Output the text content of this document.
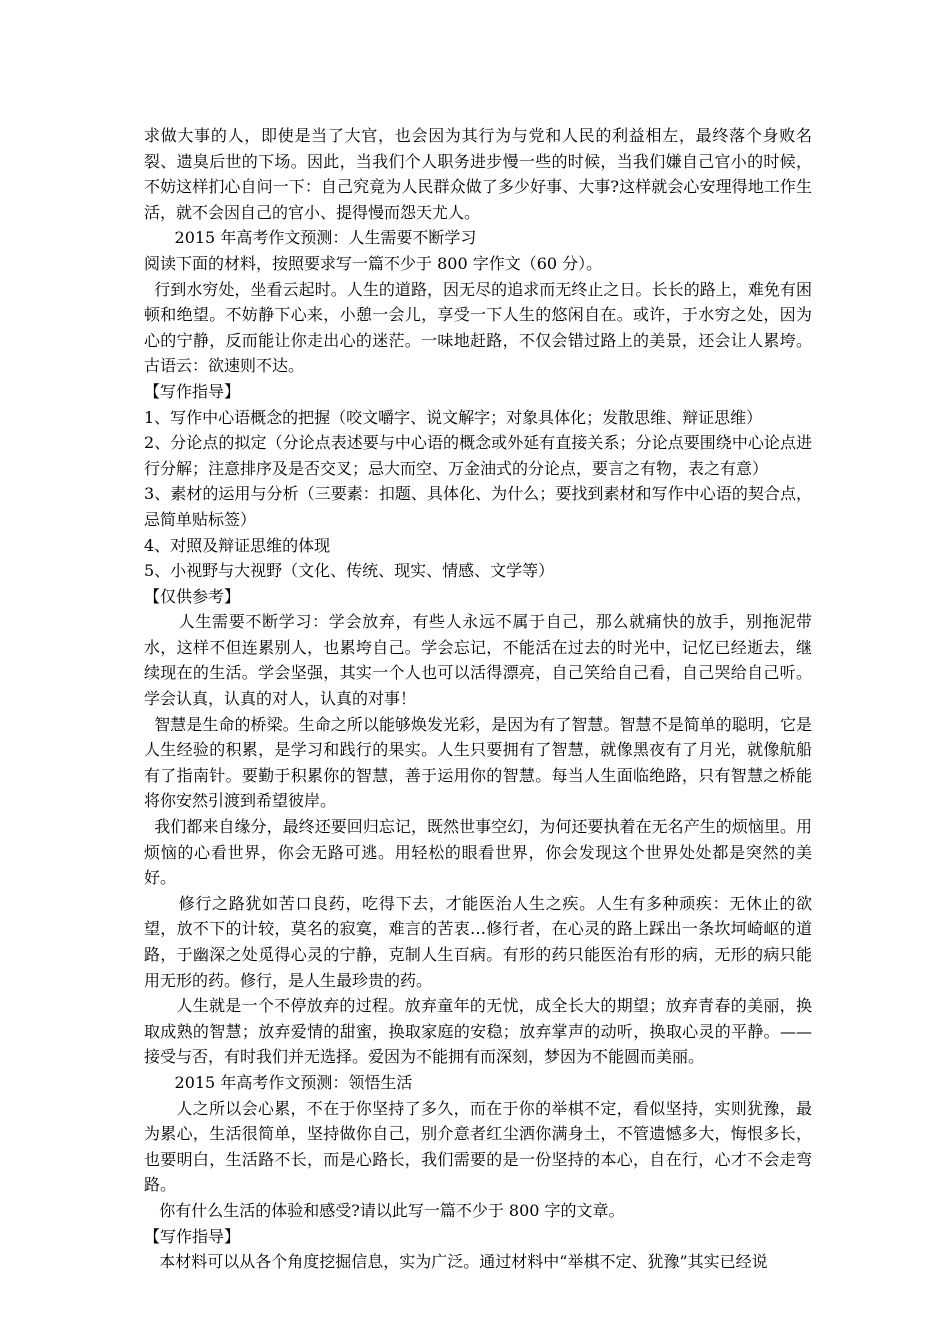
求做大事的人，即使是当了大官，也会因为其行为与党和人民的利益相左，最终落个身败名裂、遗臭后世的下场。因此，当我们个人职务进步慢一些的时候，当我们嫌自己官小的时候，不妨这样扪心自问一下：自己究竟为人民群众做了多少好事、大事?这样就会心安理得地工作生活，就不会因自己的官小、提得慢而怨天尤人。

2015 年高考作文预测：人生需要不断学习

阅读下面的材料，按照要求写一篇不少于 800 字作文（60 分）。

行到水穷处，坐看云起时。人生的道路，因无尽的追求而无终止之日。长长的路上，难免有困顿和绝望。不妨静下心来，小憩一会儿，享受一下人生的悠闲自在。或许，于水穷之处，因为心的宁静，反而能让你走出心的迷茫。一味地赶路，不仅会错过路上的美景，还会让人累垮。古语云：欲速则不达。

【写作指导】

1、写作中心语概念的把握（咬文嚼字、说文解字；对象具体化；发散思维、辩证思维）

2、分论点的拟定（分论点表述要与中心语的概念或外延有直接关系；分论点要围绕中心论点进行分解；注意排序及是否交叉；忌大而空、万金油式的分论点，要言之有物，表之有意）

3、素材的运用与分析（三要素：扣题、具体化、为什么；要找到素材和写作中心语的契合点，忌简单贴标签）

4、对照及辩证思维的体现

5、小视野与大视野（文化、传统、现实、情感、文学等）

【仅供参考】

人生需要不断学习：学会放弃，有些人永远不属于自己，那么就痛快的放手，别拖泥带水，这样不但连累别人，也累垮自己。学会忘记，不能活在过去的时光中，记忆已经逝去，继续现在的生活。学会坚强，其实一个人也可以活得漂亮，自己笑给自己看，自己哭给自己听。学会认真，认真的对人，认真的对事！

智慧是生命的桥梁。生命之所以能够焕发光彩，是因为有了智慧。智慧不是简单的聪明，它是人生经验的积累，是学习和践行的果实。人生只要拥有了智慧，就像黑夜有了月光，就像航船有了指南针。要勤于积累你的智慧，善于运用你的智慧。每当人生面临绝路，只有智慧之桥能将你安然引渡到希望彼岸。

我们都来自缘分，最终还要回归忘记，既然世事空幻，为何还要执着在无名产生的烦恼里。用烦恼的心看世界，你会无路可逃。用轻松的眼看世界，你会发现这个世界处处都是突然的美好。

修行之路犹如苦口良药，吃得下去，才能医治人生之疾。人生有多种顽疾：无休止的欲望，放不下的计较，莫名的寂寞，难言的苦衷…修行者，在心灵的路上踩出一条坎坷崎岖的道路，于幽深之处觅得心灵的宁静，克制人生百病。有形的药只能医治有形的病，无形的病只能用无形的药。修行，是人生最珍贵的药。

人生就是一个不停放弃的过程。放弃童年的无忧，成全长大的期望；放弃青春的美丽，换取成熟的智慧；放弃爱情的甜蜜，换取家庭的安稳；放弃掌声的动听，换取心灵的平静。——接受与否，有时我们并无选择。爱因为不能拥有而深刻，梦因为不能圆而美丽。

2015 年高考作文预测：领悟生活

人之所以会心累，不在于你坚持了多久，而在于你的举棋不定，看似坚持，实则犹豫，最为累心，生活很简单，坚持做你自己，别介意者红尘洒你满身土，不管遗憾多大，悔恨多长，也要明白，生活路不长，而是心路长，我们需要的是一份坚持的本心，自在行，心才不会走弯路。

你有什么生活的体验和感受?请以此写一篇不少于 800 字的文章。

【写作指导】

本材料可以从各个角度挖掘信息，实为广泛。通过材料中“举棋不定、犹豫”其实已经说
